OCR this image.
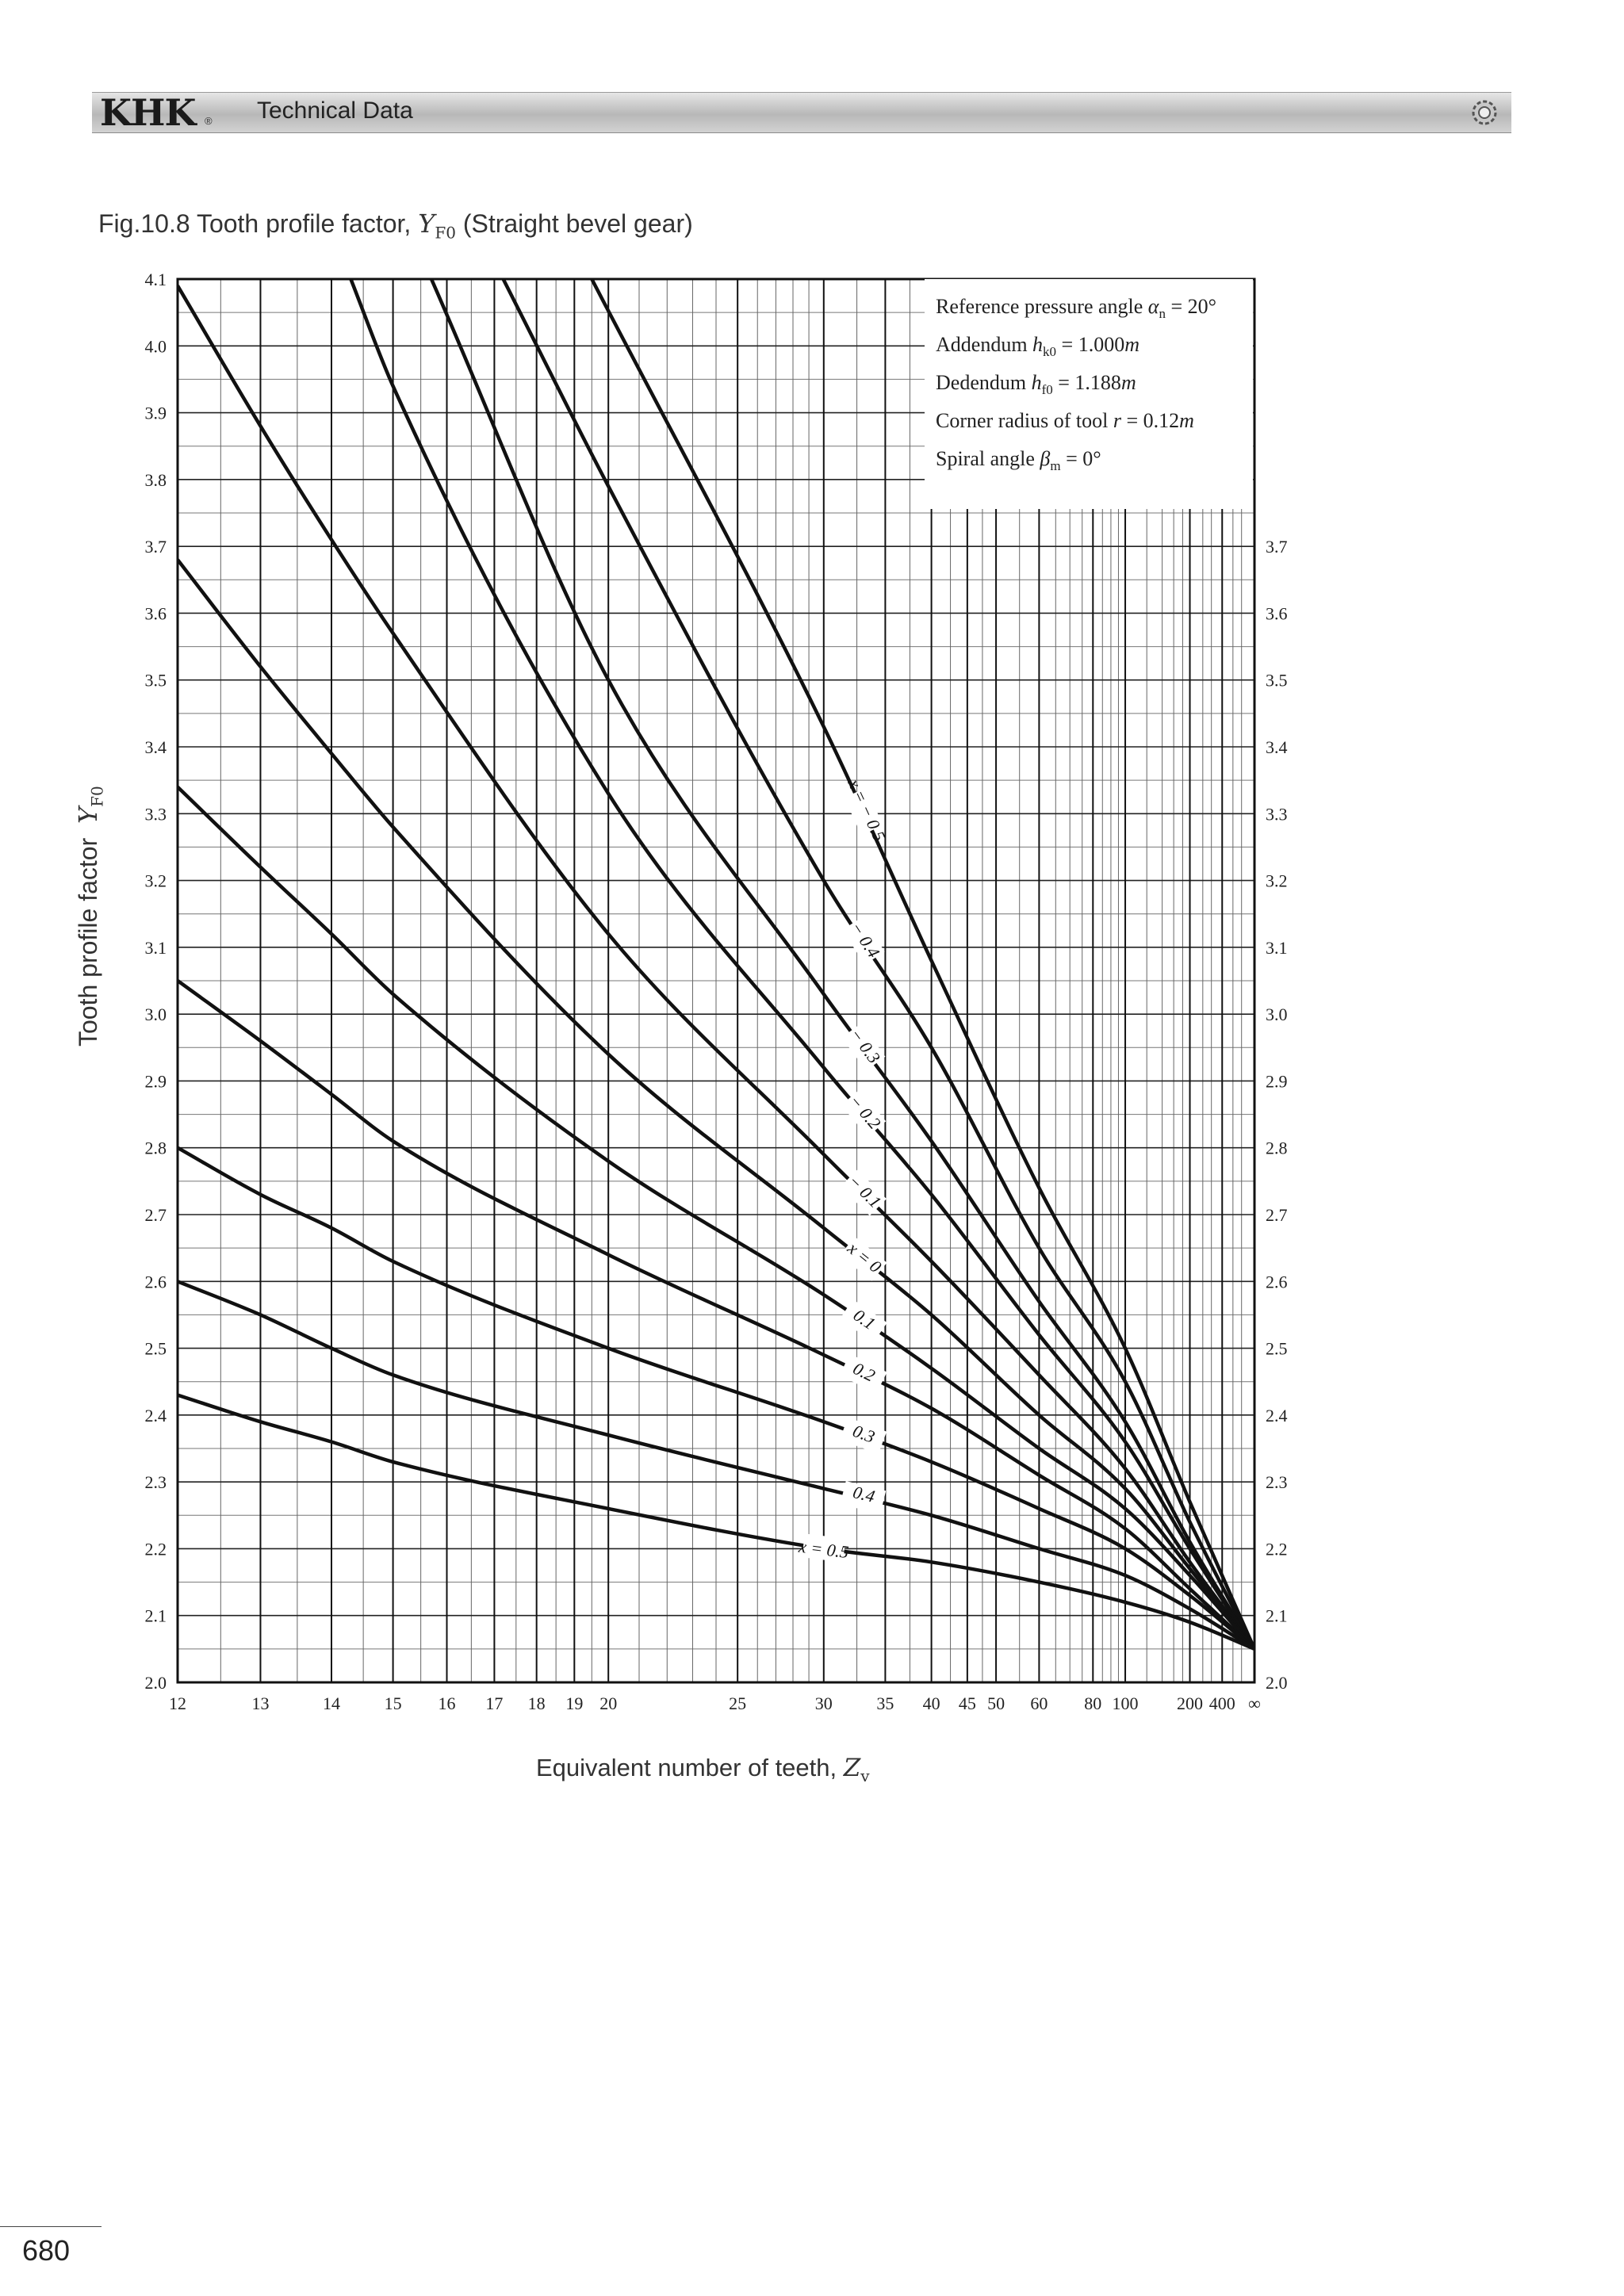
KHK ® Technical Data
Fig.10.8 Tooth profile factor, $Y_{F0}$ (Straight bevel gear)
2.0
2.1
2.2
2.3
2.4
2.5
2.6
2.7
2.8
2.9
3.0
3.1
3.2
3.3
3.4
3.5
3.6
3.7
3.8
3.9
4.0
4.1
2.0
2.1
2.2
2.3
2.4
2.5
2.6
2.7
2.8
2.9
3.0
3.1
3.2
3.3
3.4
3.5
3.6
3.7
12	13	14	15 16 17 18 19 20	25	30	35 40 45 50 60 80 100 200 400 ∞
x = − 0.5
− 0.4
− 0.3
− 0.2
− 0.1
x = 0
0.1
0.2
0.3
0.4
x = 0.5
Reference pressure angle $\alpha_n = 20^\circ$
Addendum $h_{k0} = 1.000m$
Dedendum $h_{f0} = 1.188m$
Corner radius of tool r = 0.12m
Spiral angle $\beta_m = 0^\circ$
Tooth profile factor  $Y_{F0}$
Equivalent number of teeth, $Z_v$
680
